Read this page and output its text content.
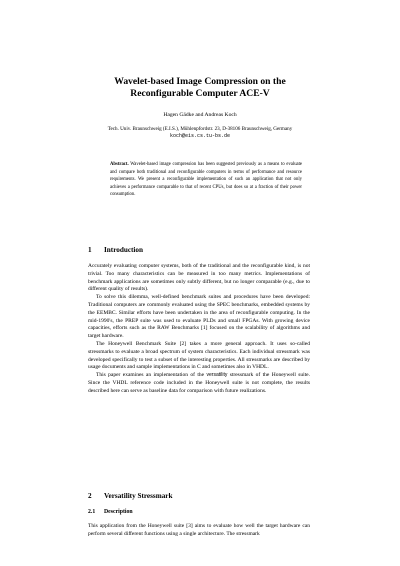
Wavelet-based Image Compression on the
Reconfigurable Computer ACE-V
Hagen Gädke and Andreas Koch
Tech. Univ. Braunschweig (E.I.S.), Mühlenpfordstr. 23, D-38106 Braunschweig, Germany
koch@eis.cs.tu-bs.de
Abstract. Wavelet-based image compression has been suggested previously as a means to evaluate and compare both traditional and reconfigurable computers in terms of performance and resource requirements. We present a reconfigurable implementation of such an application that not only achieves a performance comparable to that of recent CPUs, but does so at a fraction of their power consumption.
1 Introduction

Accurately evaluating computer systems, both of the traditional and the reconfigurable kind, is not trivial. Too many characteristics can be measured in too many metrics. Implementations of benchmark applications are sometimes only subtly different, but no longer comparable (e.g., due to different quality of results).

To solve this dilemma, well-defined benchmark suites and procedures have been developed: Traditional computers are commonly evaluated using the SPEC benchmarks, embedded systems by the EEMBC. Similar efforts have been undertaken in the area of reconfigurable computing. In the mid-1990's, the PREP suite was used to evaluate PLDs and small FPGAs. With growing device capacities, efforts such as the RAW Benchmarks [1] focused on the scalability of algorithms and target hardware.

The Honeywell Benchmark Suite [2] takes a more general approach. It uses so-called stressmarks to evaluate a broad spectrum of system characteristics. Each individual stressmark was developed specifically to test a subset of the interesting properties. All stressmarks are described by usage documents and sample implementations in C and sometimes also in VHDL.

This paper examines an implementation of the versatility stressmark of the Honeywell suite. Since the VHDL reference code included in the Honeywell suite is not complete, the results described here can serve as baseline data for comparison with future realizations.

2 Versatility Stressmark
2.1 Description

This application from the Honeywell suite [3] aims to evaluate how well the target hardware can perform several different functions using a single architecture. The stressmark
